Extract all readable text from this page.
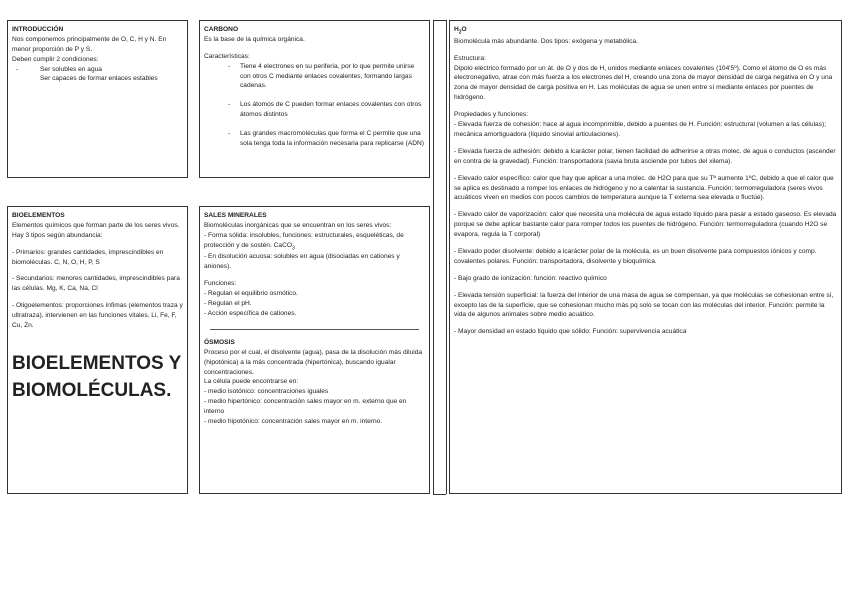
INTRODUCCIÓN

Nos componemos principalmente de O, C, H y N. En menor proporción de P y S.

Deben cumplir 2 condiciones:

- Ser solubles en agua
- Ser capaces de formar enlaces estables
BIOELEMENTOS

Elementos químicos que forman parte de los seres vivos.

Hay 3 tipos según abundancia:

- Primarios: grandes cantidades, imprescindibles en biomoléculas. C, N, O, H, P, S

- Secundarios: menores cantidades, imprescindibles para las células. Mg, K, Ca, Na, Cl

- Oligoelementos: proporciones ínfimas (elementos traza y ultratraza), intervienen en las funciones vitales. Li, Fe, F, Cu, Zn.

BIOELEMENTOS Y BIOMOLÉCULAS.
CARBONO

Es la base de la química orgánica.

Características:

- Tiene 4 electrones en su periferia, por lo que permite unirse con otros C mediante enlaces covalentes, formando largas cadenas.
- Los átomos de C pueden formar enlaces covalentes con otros átomos distintos
- Las grandes macromoléculas que forma el C permite que una sola tenga toda la información necesaria para replicarse (ADN)
SALES MINERALES

Biomoléculas inorgánicas que se encuentran en los seres vivos:

- Forma sólida: insolubles, funciones: estructurales, esqueléticas, de protección y de sostén. CaCO$_3$

- En disolución acuosa: solubles en agua (disociadas en cationes y aniones).

Funciones:

- Regulan el equilibrio osmótico.

- Regulan el pH.

- Acción específica de cationes.

ÓSMOSIS

Proceso por el cual, el disolvente (agua), pasa de la disolución más diluida (hipotónica) a la más concentrada (hipertónica), buscando igualar concentraciones.

La célula puede encontrarse en:

- medio isotónico: concentraciones iguales

- medio hipertónico: concentración sales mayor en m. externo que en interno

- medio hipotónico: concentración sales mayor en m. interno.

$H_2O$

Biomolécula más abundante. Dos tipos: exógena y metabólica.

Estructura:

Dipolo eléctrico formado por un át. de O y dos de H, unidos mediante enlaces covalentes (104'5º). Como el átomo de O es más electronegativo, atrae con más fuerza a los electrones del H, creando una zona de mayor densidad de carga negativa en O y una zona de mayor densidad de carga positiva en H. Las moléculas de agua se unen entre sí mediante enlaces por puentes de hidrógeno.

Propiedades y funciones:

- Elevada fuerza de cohesión: hace al agua incomprimible, debido a puentes de H. Función: estructural (volumen a las células); mecánica amortiguadora (líquido sinovial articulaciones).

- Elevada fuerza de adhesión: debido a lcarácter polar, tienen facilidad de adherirse a otras molec. de agua o conductos (ascender en contra de la gravedad). Función: transportadora (savia bruta asciende por tubos del xilema).

- Elevado calor específico: calor que hay que aplicar a una molec. de H2O para que su Tª aumente 1ºC, debido a que el calor que se aplica es destinado a romper los enlaces de hidrógeno y no a calentar la sustancia. Función: termorreguladora (seres vivos acuáticos viven en medios con pocos cambios de temperatura aunque la T externa sea elevada o fluctúe).

- Elevado calor de vaporización: calor que necesita una molécula de agua estado líquido para pasar a estado gaseoso. Es elevada porque se debe aplicar bastante calor para romper todos los puentes de hidrógeno. Función: termorreguladora (cuando H2O se evapora, regula la T corporal)

- Elevado poder disolvente: debido a lcarácter polar de la molécula, es un buen disolvente para compuestos iónicos y comp. covalentes polares. Función: transportadora, disolvente y bioquímica.

- Bajo grado de ionización: función: reactivo químico

- Elevada tensión superficial: la fuerza del interior de una masa de agua se compensan, ya que moléculas se cohesionan entre sí, excepto las de la superficie, que se cohesionan mucho más pq solo se tocan con las moléculas del interior. Función: permite la vida de algunos animales sobre medio acuático.

- Mayor densidad en estado líquido que sólido: Función: supervivencia acuática
